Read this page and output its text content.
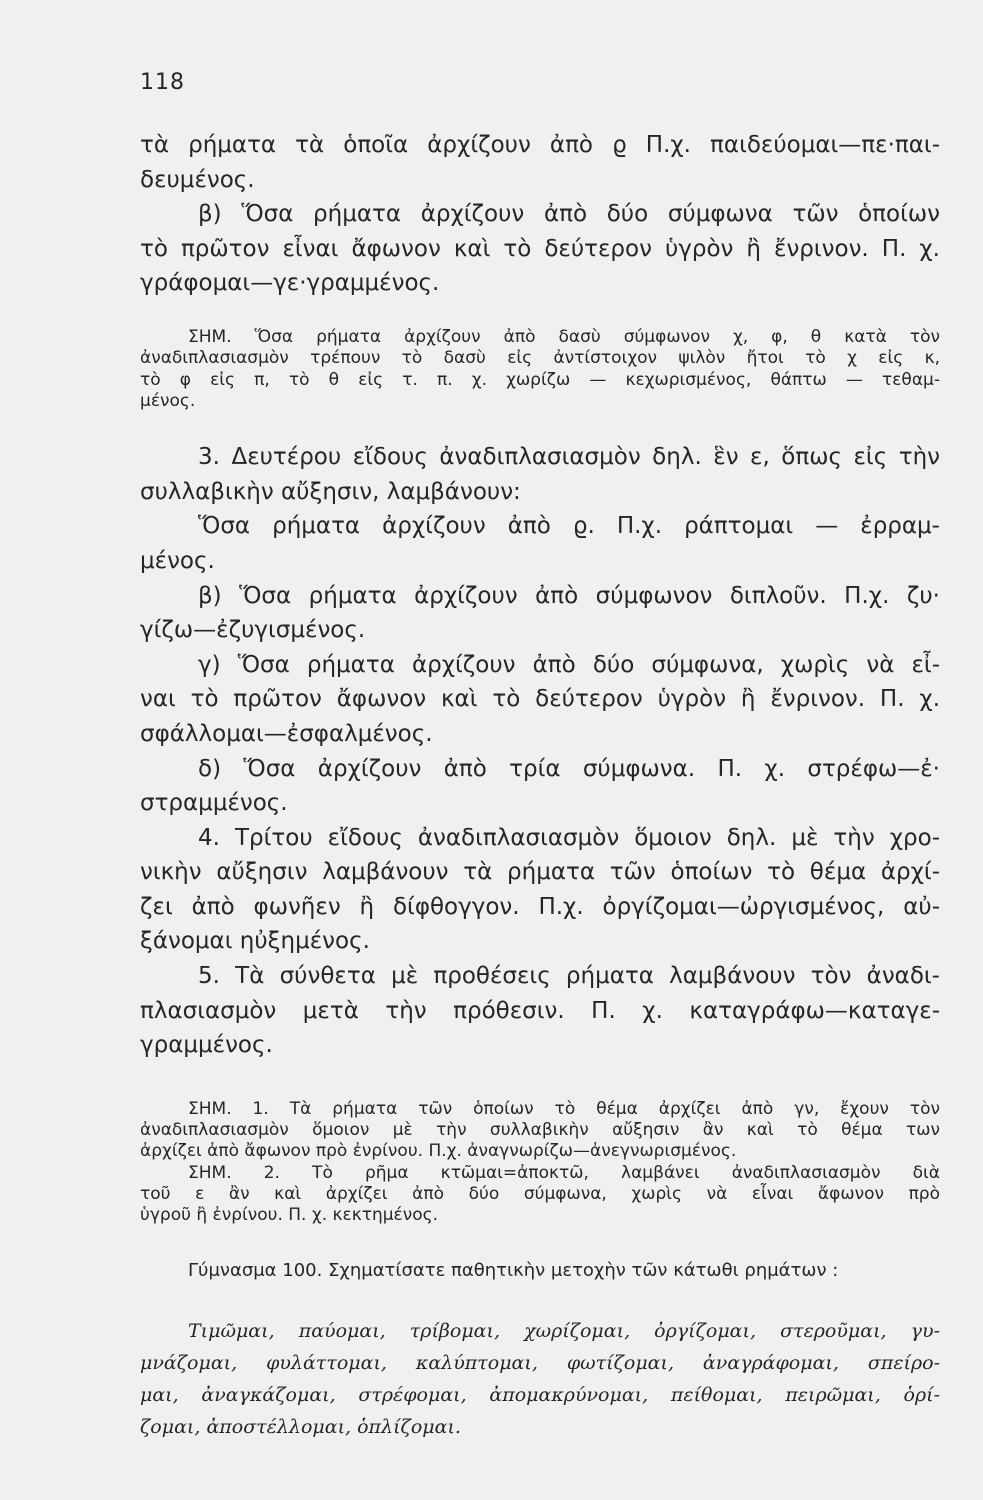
118
τὰ ρήματα τὰ ὁποῖα ἀρχίζουν ἀπὸ ϱ Π.χ. παιδεύομαι—πε·παι-
δευμένος.
β) Ὅσα ρήματα ἀρχίζουν ἀπὸ δύο σύμφωνα τῶν ὁποίων
τὸ πρῶτον εἶναι ἄφωνον καὶ τὸ δεύτερον ὑγρὸν ἢ ἔνρινον. Π. χ.
γράφομαι—γε·γραμμένος.
ΣΗΜ. Ὅσα ρήματα ἀρχίζουν ἀπὸ δασὺ σύμφωνον χ, φ, θ κατὰ τὸν
ἀναδιπλασιασμὸν τρέπουν τὸ δασὺ εἰς ἀντίστοιχον ψιλὸν ἤτοι τὸ χ εἰς κ,
τὸ φ εἰς π, τὸ θ εἰς τ. π. χ. χωρίζω — κεχωρισμένος, θάπτω — τεθαμ-
μένος.
3. Δευτέρου εἴδους ἀναδιπλασιασμὸν δηλ. ἓν ε, ὅπως εἰς τὴν
συλλαβικὴν αὔξησιν, λαμβάνουν:
Ὅσα ρήματα ἀρχίζουν ἀπὸ ϱ. Π.χ. ράπτομαι — ἐρραμ-
μένος.
β) Ὅσα ρήματα ἀρχίζουν ἀπὸ σύμφωνον διπλοῦν. Π.χ. ζυ·
γίζω—ἐζυγισμένος.
γ) Ὅσα ρήματα ἀρχίζουν ἀπὸ δύο σύμφωνα, χωρὶς νὰ εἶ-
ναι τὸ πρῶτον ἄφωνον καὶ τὸ δεύτερον ὑγρὸν ἢ ἔνρινον. Π. χ.
σφάλλομαι—ἐσφαλμένος.
δ) Ὅσα ἀρχίζουν ἀπὸ τρία σύμφωνα. Π. χ. στρέφω—ἐ·
στραμμένος.
4. Τρίτου εἴδους ἀναδιπλασιασμὸν ὅμοιον δηλ. μὲ τὴν χρο-
νικὴν αὔξησιν λαμβάνουν τὰ ρήματα τῶν ὁποίων τὸ θέμα ἀρχί-
ζει ἀπὸ φωνῆεν ἢ δίφθογγον. Π.χ. ὀργίζομαι—ὠργισμένος, αὐ-
ξάνομαι ηὐξημένος.
5. Τὰ σύνθετα μὲ προθέσεις ρήματα λαμβάνουν τὸν ἀναδι-
πλασιασμὸν μετὰ τὴν πρόθεσιν. Π. χ. καταγράφω—καταγε-
γραμμένος.
ΣΗΜ. 1. Τὰ ρήματα τῶν ὁποίων τὸ θέμα ἀρχίζει ἀπὸ γν, ἔχουν τὸν
ἀναδιπλασιασμὸν ὅμοιον μὲ τὴν συλλαβικὴν αὔξησιν ἂν καὶ τὸ θέμα των
ἀρχίζει ἀπὸ ἄφωνον πρὸ ἐνρίνου. Π.χ. ἀναγνωρίζω—ἀνεγνωρισμένος.
ΣΗΜ. 2. Τὸ ρῆμα κτῶμαι=ἀποκτῶ, λαμβάνει ἀναδιπλασιασμὸν διὰ
τοῦ ε ἂν καὶ ἀρχίζει ἀπὸ δύο σύμφωνα, χωρὶς νὰ εἶναι ἄφωνον πρὸ
ὑγροῦ ἢ ἐνρίνου. Π. χ. κεκτημένος.
Γύμνασμα 100. Σχηματίσατε παθητικὴν μετοχὴν τῶν κάτωθι ρημάτων :
Τιμῶμαι, παύομαι, τρίβομαι, χωρίζομαι, ὀργίζομαι, στεροῦμαι, γυ-
μνάζομαι, φυλάττομαι, καλύπτομαι, φωτίζομαι, ἀναγράφομαι, σπείρο-
μαι, ἀναγκάζομαι, στρέφομαι, ἀπομακρύνομαι, πείθομαι, πειρῶμαι, ὁρί-
ζομαι, ἀποστέλλομαι, ὁπλίζομαι.
